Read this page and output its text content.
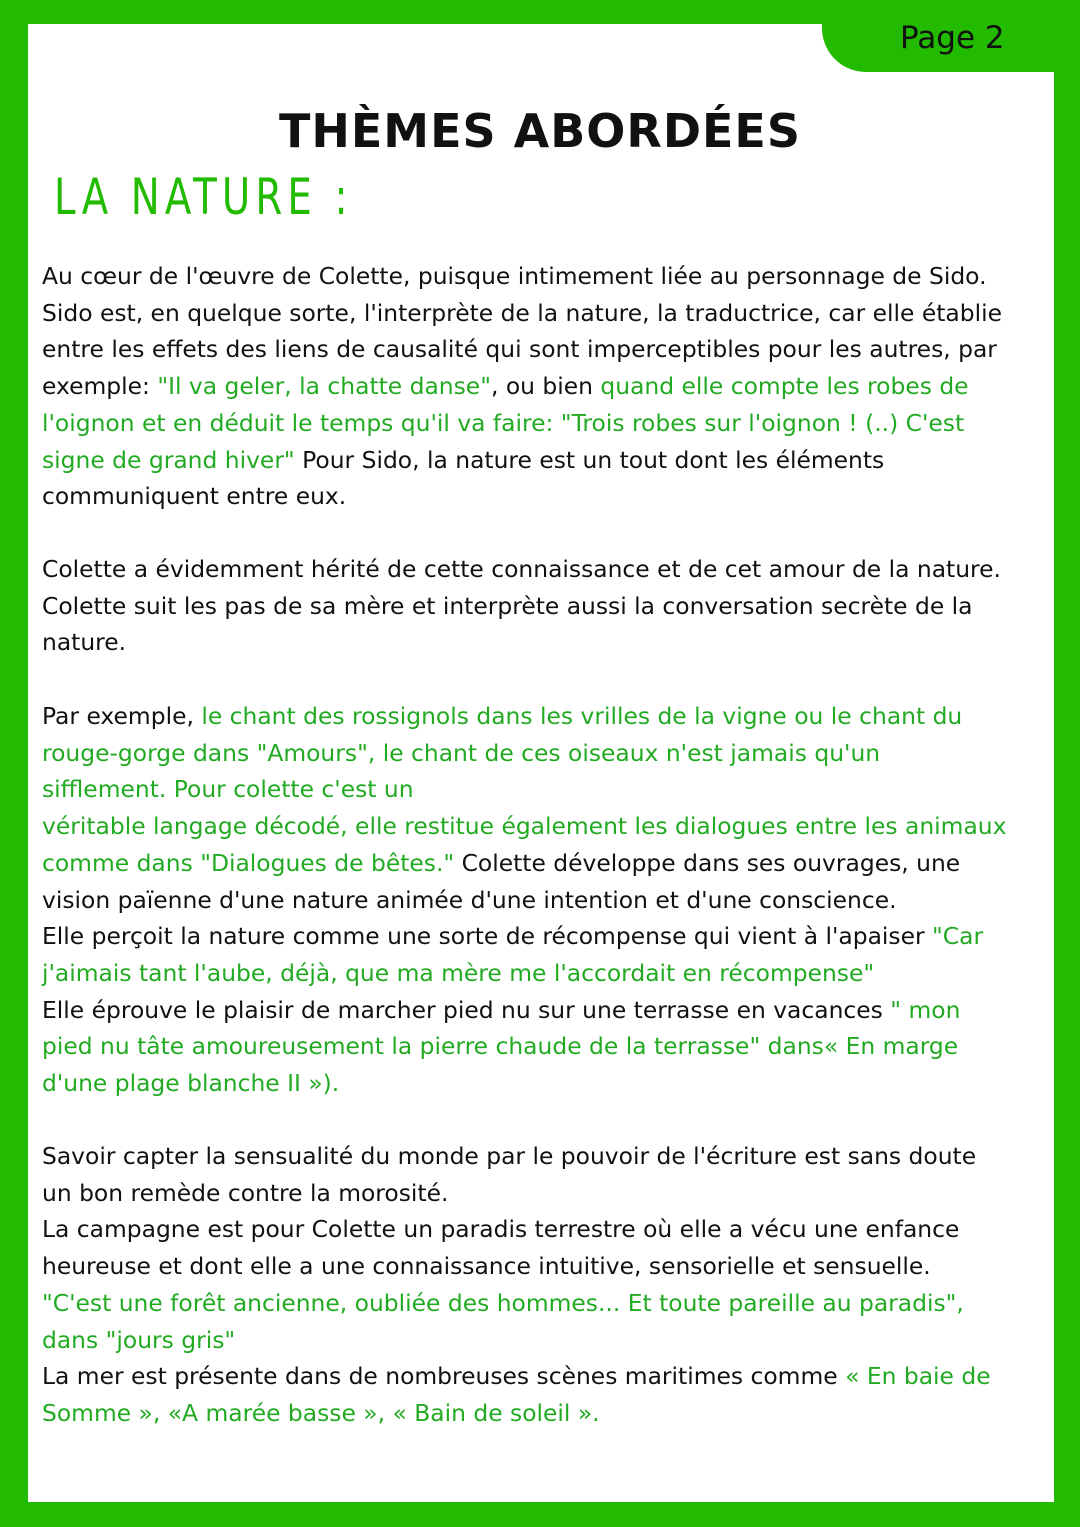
Page 2
THÈMES ABORDÉES
LA NATURE :
Au cœur de l'œuvre de Colette, puisque intimement liée au personnage de Sido.
Sido est, en quelque sorte, l'interprète de la nature, la traductrice, car elle établie
entre les effets des liens de causalité qui sont imperceptibles pour les autres, par
exemple: "Il va geler, la chatte danse", ou bien quand elle compte les robes de
l'oignon et en déduit le temps qu'il va faire: "Trois robes sur l'oignon ! (..) C'est
signe de grand hiver" Pour Sido, la nature est un tout dont les éléments
communiquent entre eux.
Colette a évidemment hérité de cette connaissance et de cet amour de la nature.
Colette suit les pas de sa mère et interprète aussi la conversation secrète de la
nature.
Par exemple, le chant des rossignols dans les vrilles de la vigne ou le chant du
rouge-gorge dans "Amours", le chant de ces oiseaux n'est jamais qu'un
sifflement. Pour colette c'est un
véritable langage décodé, elle restitue également les dialogues entre les animaux
comme dans "Dialogues de bêtes." Colette développe dans ses ouvrages, une
vision païenne d'une nature animée d'une intention et d'une conscience.
Elle perçoit la nature comme une sorte de récompense qui vient à l'apaiser "Car
j'aimais tant l'aube, déjà, que ma mère me l'accordait en récompense"
Elle éprouve le plaisir de marcher pied nu sur une terrasse en vacances " mon
pied nu tâte amoureusement la pierre chaude de la terrasse" dans« En marge
d'une plage blanche II »).
Savoir capter la sensualité du monde par le pouvoir de l'écriture est sans doute
un bon remède contre la morosité.
La campagne est pour Colette un paradis terrestre où elle a vécu une enfance
heureuse et dont elle a une connaissance intuitive, sensorielle et sensuelle.
"C'est une forêt ancienne, oubliée des hommes... Et toute pareille au paradis",
dans "jours gris"
La mer est présente dans de nombreuses scènes maritimes comme « En baie de
Somme », «A marée basse », « Bain de soleil ».
